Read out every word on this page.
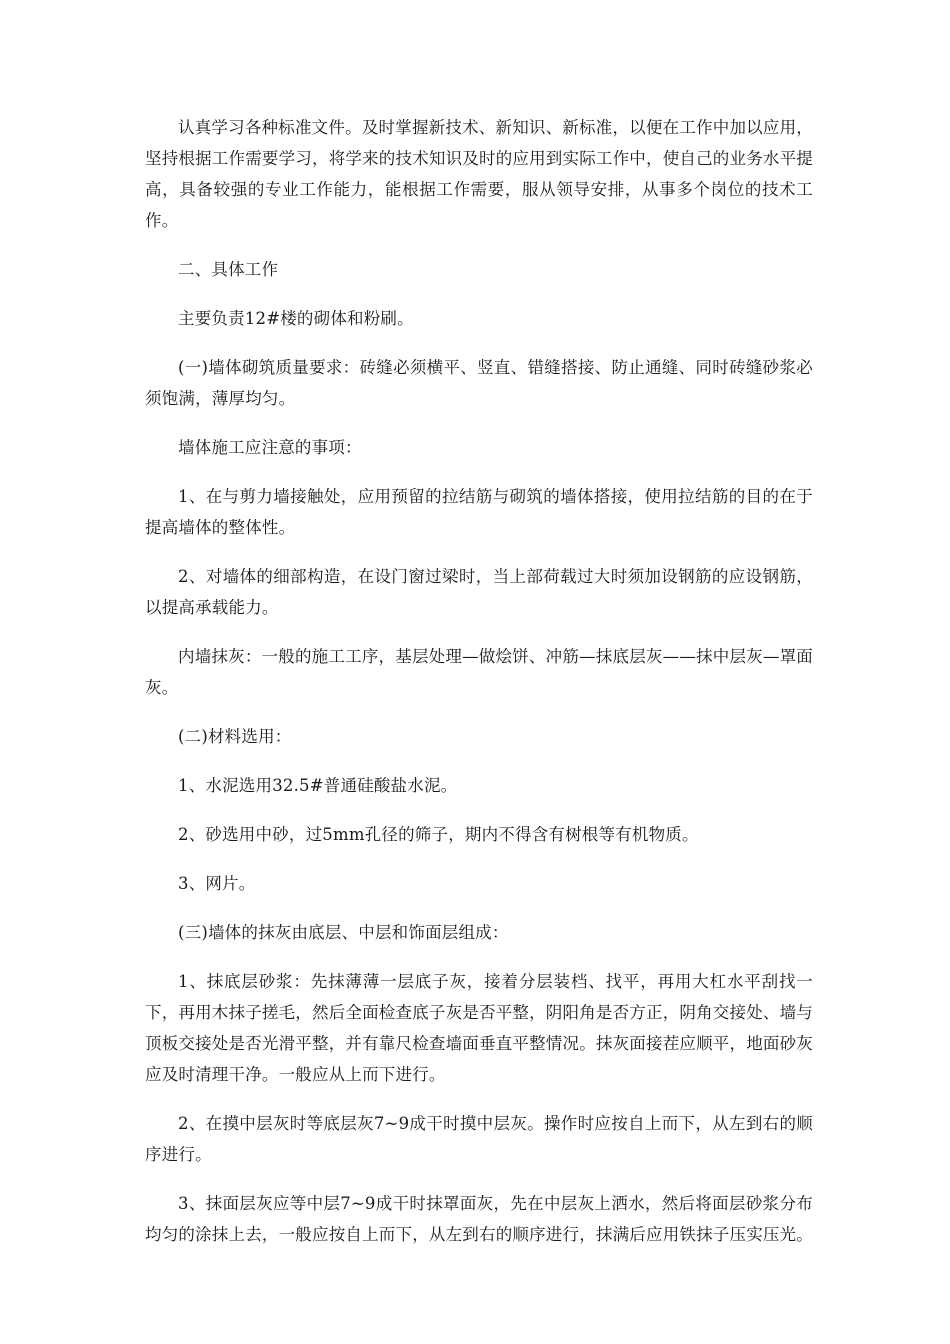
认真学习各种标准文件。及时掌握新技术、新知识、新标准，以便在工作中加以应用，坚持根据工作需要学习，将学来的技术知识及时的应用到实际工作中，使自己的业务水平提高，具备较强的专业工作能力，能根据工作需要，服从领导安排，从事多个岗位的技术工作。

二、具体工作

主要负责12#楼的砌体和粉刷。

(一)墙体砌筑质量要求：砖缝必须横平、竖直、错缝搭接、防止通缝、同时砖缝砂浆必须饱满，薄厚均匀。

墙体施工应注意的事项：

1、在与剪力墙接触处，应用预留的拉结筋与砌筑的墙体搭接，使用拉结筋的目的在于提高墙体的整体性。

2、对墙体的细部构造，在设门窗过梁时，当上部荷载过大时须加设钢筋的应设钢筋，以提高承载能力。

内墙抹灰：一般的施工工序，基层处理—做烩饼、冲筋—抹底层灰——抹中层灰—罩面灰。

(二)材料选用：

1、水泥选用32.5#普通硅酸盐水泥。

2、砂选用中砂，过5mm孔径的筛子，期内不得含有树根等有机物质。

3、网片。

(三)墙体的抹灰由底层、中层和饰面层组成：

1、抹底层砂浆：先抹薄薄一层底子灰，接着分层装档、找平，再用大杠水平刮找一下，再用木抹子搓毛，然后全面检查底子灰是否平整，阴阳角是否方正，阴角交接处、墙与顶板交接处是否光滑平整，并有靠尺检查墙面垂直平整情况。抹灰面接茬应顺平，地面砂灰应及时清理干净。一般应从上而下进行。

2、在摸中层灰时等底层灰7~9成干时摸中层灰。操作时应按自上而下，从左到右的顺序进行。

3、抹面层灰应等中层7~9成干时抹罩面灰，先在中层灰上洒水，然后将面层砂浆分布均匀的涂抹上去，一般应按自上而下，从左到右的顺序进行，抹满后应用铁抹子压实压光。
